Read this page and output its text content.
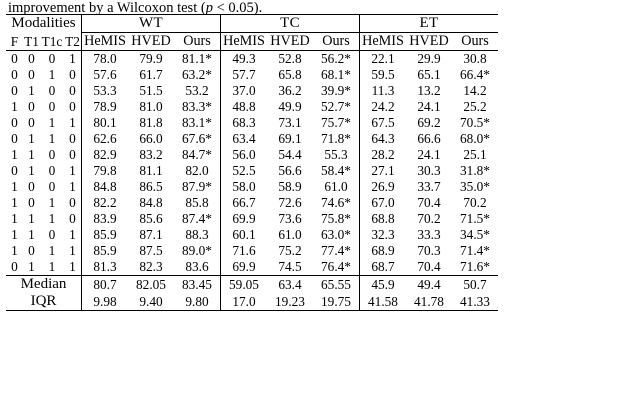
improvement by a Wilcoxon test (p < 0.05).

Modalities				WT			TC			ET		

F	T1	T1c	T2	HeMIS	HVED	Ours	HeMIS	HVED	Ours	HeMIS	HVED	Ours

0	0	0	1	78.0	79.9	81.1*	49.3	52.8	56.2*	22.1	29.9	30.8
0	0	1	0	57.6	61.7	63.2*	57.7	65.8	68.1*	59.5	65.1	66.4*
0	1	0	0	53.3	51.5	53.2	37.0	36.2	39.9*	11.3	13.2	14.2
1	0	0	0	78.9	81.0	83.3*	48.8	49.9	52.7*	24.2	24.1	25.2
0	0	1	1	80.1	81.8	83.1*	68.3	73.1	75.7*	67.5	69.2	70.5*
0	1	1	0	62.6	66.0	67.6*	63.4	69.1	71.8*	64.3	66.6	68.0*
1	1	0	0	82.9	83.2	84.7*	56.0	54.4	55.3	28.2	24.1	25.1
0	1	0	1	79.8	81.1	82.0	52.5	56.6	58.4*	27.1	30.3	31.8*
1	0	0	1	84.8	86.5	87.9*	58.0	58.9	61.0	26.9	33.7	35.0*
1	0	1	0	82.2	84.8	85.8	66.7	72.6	74.6*	67.0	70.4	70.2
1	1	1	0	83.9	85.6	87.4*	69.9	73.6	75.8*	68.8	70.2	71.5*
1	1	0	1	85.9	87.1	88.3	60.1	61.0	63.0*	32.3	33.3	34.5*
1	0	1	1	85.9	87.5	89.0*	71.6	75.2	77.4*	68.9	70.3	71.4*
0	1	1	1	81.3	82.3	83.6	69.9	74.5	76.4*	68.7	70.4	71.6*

Median				80.7	82.05	83.45	59.05	63.4	65.55	45.9	49.4	50.7
IQR				9.98	9.40	9.80	17.0	19.23	19.75	41.58	41.78	41.33
